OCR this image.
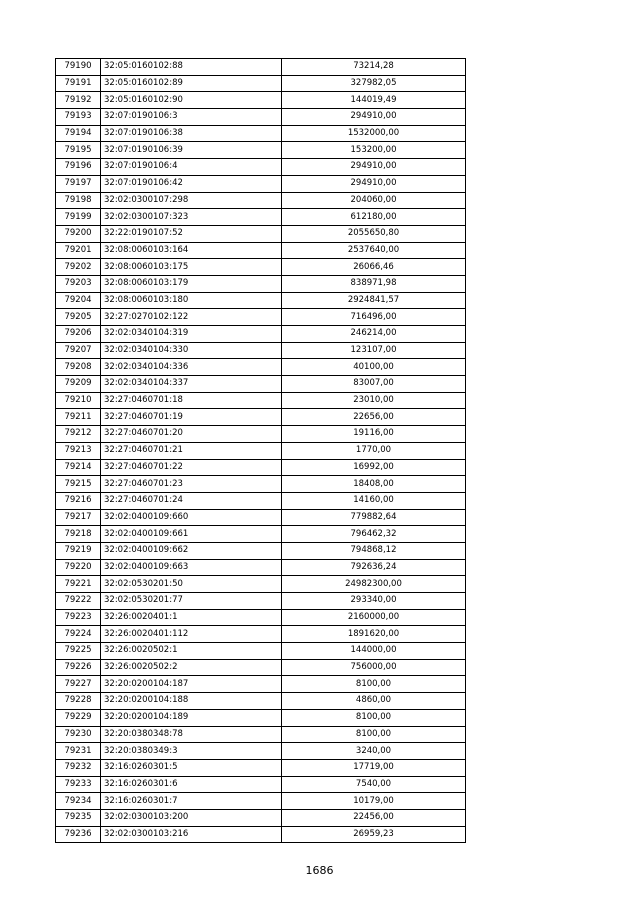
79190	32:05:0160102:88	73214,28
79191	32:05:0160102:89	327982,05
79192	32:05:0160102:90	144019,49
79193	32:07:0190106:3	294910,00
79194	32:07:0190106:38	1532000,00
79195	32:07:0190106:39	153200,00
79196	32:07:0190106:4	294910,00
79197	32:07:0190106:42	294910,00
79198	32:02:0300107:298	204060,00
79199	32:02:0300107:323	612180,00
79200	32:22:0190107:52	2055650,80
79201	32:08:0060103:164	2537640,00
79202	32:08:0060103:175	26066,46
79203	32:08:0060103:179	838971,98
79204	32:08:0060103:180	2924841,57
79205	32:27:0270102:122	716496,00
79206	32:02:0340104:319	246214,00
79207	32:02:0340104:330	123107,00
79208	32:02:0340104:336	40100,00
79209	32:02:0340104:337	83007,00
79210	32:27:0460701:18	23010,00
79211	32:27:0460701:19	22656,00
79212	32:27:0460701:20	19116,00
79213	32:27:0460701:21	1770,00
79214	32:27:0460701:22	16992,00
79215	32:27:0460701:23	18408,00
79216	32:27:0460701:24	14160,00
79217	32:02:0400109:660	779882,64
79218	32:02:0400109:661	796462,32
79219	32:02:0400109:662	794868,12
79220	32:02:0400109:663	792636,24
79221	32:02:0530201:50	24982300,00
79222	32:02:0530201:77	293340,00
79223	32:26:0020401:1	2160000,00
79224	32:26:0020401:112	1891620,00
79225	32:26:0020502:1	144000,00
79226	32:26:0020502:2	756000,00
79227	32:20:0200104:187	8100,00
79228	32:20:0200104:188	4860,00
79229	32:20:0200104:189	8100,00
79230	32:20:0380348:78	8100,00
79231	32:20:0380349:3	3240,00
79232	32:16:0260301:5	17719,00
79233	32:16:0260301:6	7540,00
79234	32:16:0260301:7	10179,00
79235	32:02:0300103:200	22456,00
79236	32:02:0300103:216	26959,23
1686
